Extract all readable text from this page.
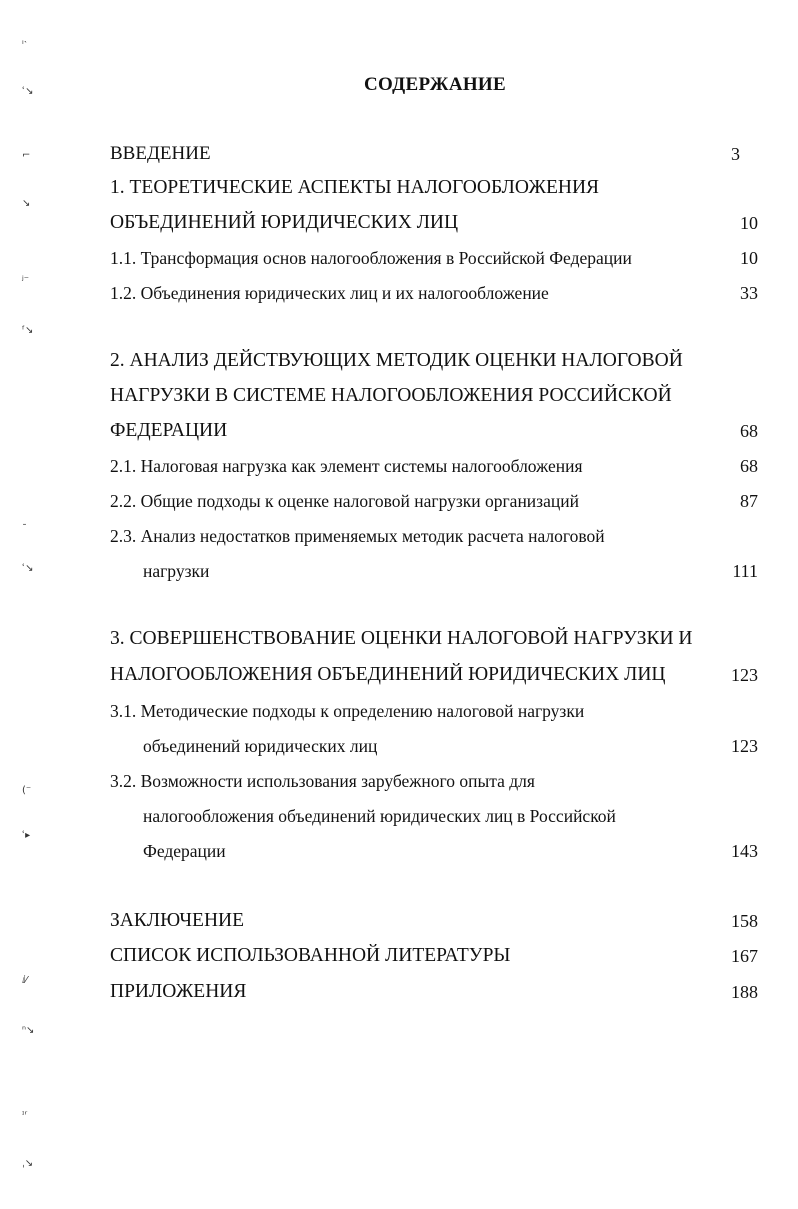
ᵢ˴
ʿ↘
⌐
↘
ʲ⁻
ᶠ↘
ˍ
ʿ↘
(⁻
ʿ▸
ⅈ⁄
ⁿ↘
ᶦʳ
ˌ↘
СОДЕРЖАНИЕ
ВВЕДЕНИЕ	3
1. ТЕОРЕТИЧЕСКИЕ АСПЕКТЫ НАЛОГООБЛОЖЕНИЯ
ОБЪЕДИНЕНИЙ ЮРИДИЧЕСКИХ ЛИЦ	10
1.1. Трансформация основ налогообложения в Российской Федерации	10
1.2. Объединения юридических лиц и их налогообложение	33
2. АНАЛИЗ ДЕЙСТВУЮЩИХ МЕТОДИК ОЦЕНКИ НАЛОГОВОЙ
НАГРУЗКИ В СИСТЕМЕ НАЛОГООБЛОЖЕНИЯ РОССИЙСКОЙ
ФЕДЕРАЦИИ	68
2.1. Налоговая нагрузка как элемент системы налогообложения	68
2.2. Общие подходы к оценке налоговой нагрузки организаций	87
2.3. Анализ недостатков применяемых методик расчета налоговой
нагрузки	111
3. СОВЕРШЕНСТВОВАНИЕ ОЦЕНКИ НАЛОГОВОЙ НАГРУЗКИ И
НАЛОГООБЛОЖЕНИЯ ОБЪЕДИНЕНИЙ ЮРИДИЧЕСКИХ ЛИЦ	123
3.1. Методические подходы к определению налоговой нагрузки
объединений юридических лиц	123
3.2. Возможности использования зарубежного опыта для
налогообложения объединений юридических лиц в Российской
Федерации	143
ЗАКЛЮЧЕНИЕ	158
СПИСОК ИСПОЛЬЗОВАННОЙ ЛИТЕРАТУРЫ	167
ПРИЛОЖЕНИЯ	188
